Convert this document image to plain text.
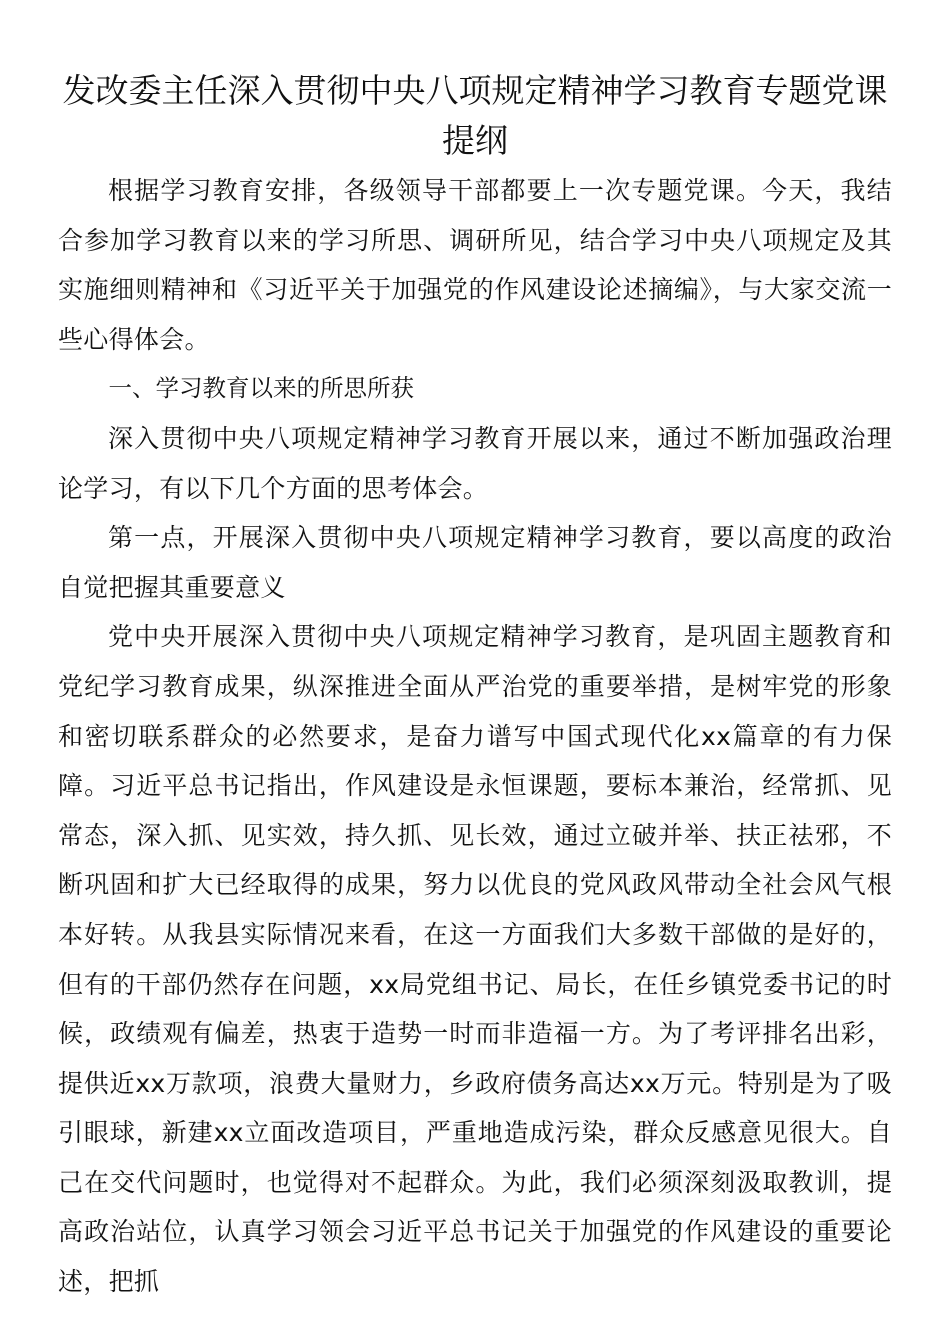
发改委主任深入贯彻中央八项规定精神学习教育专题党课提纲

根据学习教育安排，各级领导干部都要上一次专题党课。今天，我结合参加学习教育以来的学习所思、调研所见，结合学习中央八项规定及其实施细则精神和《习近平关于加强党的作风建设论述摘编》，与大家交流一些心得体会。

一、学习教育以来的所思所获

深入贯彻中央八项规定精神学习教育开展以来，通过不断加强政治理论学习，有以下几个方面的思考体会。

第一点，开展深入贯彻中央八项规定精神学习教育，要以高度的政治自觉把握其重要意义

党中央开展深入贯彻中央八项规定精神学习教育，是巩固主题教育和党纪学习教育成果，纵深推进全面从严治党的重要举措，是树牢党的形象和密切联系群众的必然要求，是奋力谱写中国式现代化xx篇章的有力保障。习近平总书记指出，作风建设是永恒课题，要标本兼治，经常抓、见常态，深入抓、见实效，持久抓、见长效，通过立破并举、扶正祛邪，不断巩固和扩大已经取得的成果，努力以优良的党风政风带动全社会风气根本好转。从我县实际情况来看，在这一方面我们大多数干部做的是好的，但有的干部仍然存在问题，xx局党组书记、局长，在任乡镇党委书记的时候，政绩观有偏差，热衷于造势一时而非造福一方。为了考评排名出彩，提供近xx万款项，浪费大量财力，乡政府债务高达xx万元。特别是为了吸引眼球，新建xx立面改造项目，严重地造成污染，群众反感意见很大。自己在交代问题时，也觉得对不起群众。为此，我们必须深刻汲取教训，提高政治站位，认真学习领会习近平总书记关于加强党的作风建设的重要论述，把抓
